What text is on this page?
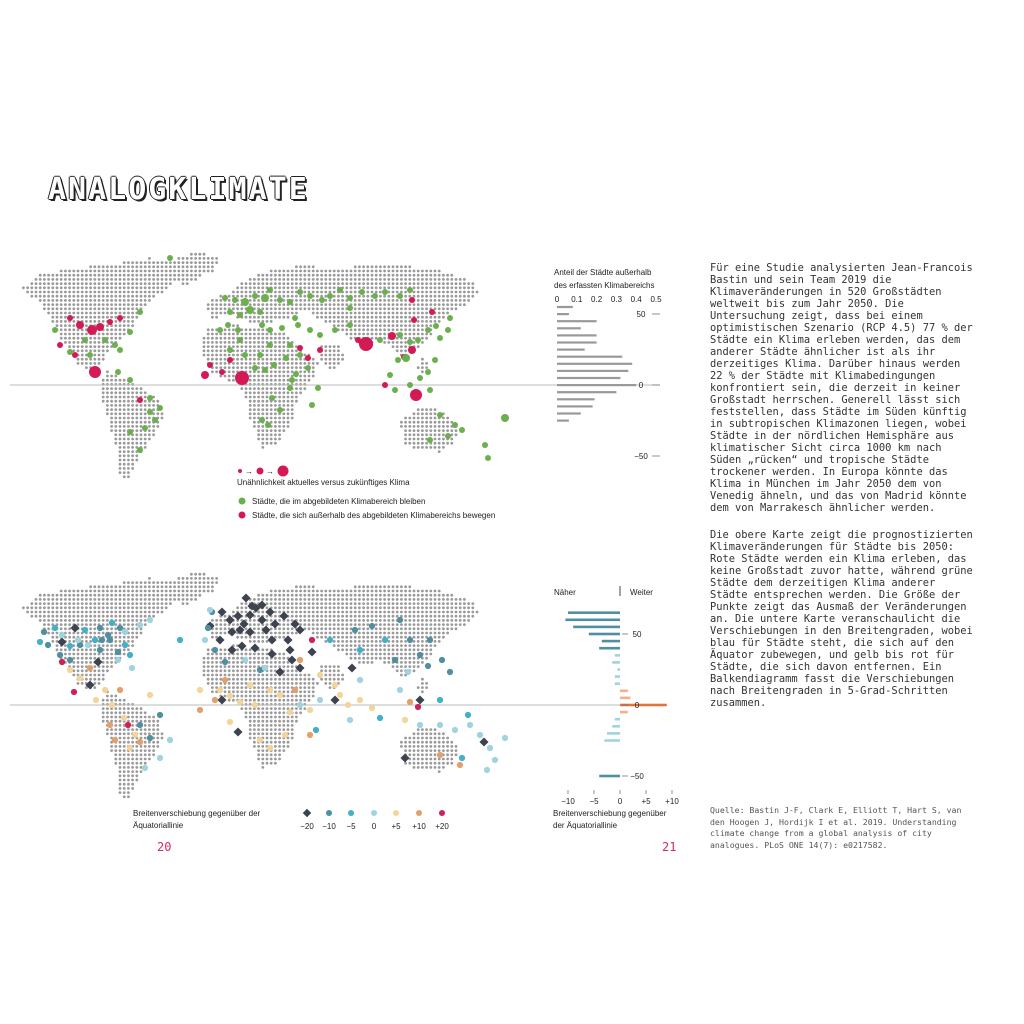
ANALOGKLIMATE
0 0.1 0.2 0.3 0.4 0.5
50
0
−50
→ →
50
0
−50
−10 −5 0 +5 +10
−20 −10 −5 0 +5 +10 +20
Unähnlichkeit aktuelles versus zukünftiges Klima
Städte, die im abgebildeten Klimabereich bleiben
Städte, die sich außerhalb des abgebildeten Klimabereichs bewegen
Breitenverschiebung gegenüber der
Äquatoriallinie
Anteil der Städte außerhalb
des erfassten Klimabereichs
Näher	Weiter
Breitenverschiebung gegenüber
der Äquatoriallinie
20	21

Für eine Studie analysierten Jean-Francois Bastin und sein Team 2019 die Klimaveränderungen in 520 Großstädten weltweit bis zum Jahr 2050. Die Untersuchung zeigt, dass bei einem optimistischen Szenario (RCP 4.5) 77 % der Städte ein Klima erleben werden, das dem anderer Städte ähnlicher ist als ihr derzeitiges Klima. Darüber hinaus werden 22 % der Städte mit Klimabedingungen konfrontiert sein, die derzeit in keiner Großstadt herrschen. Generell lässt sich feststellen, dass Städte im Süden künftig in subtropischen Klimazonen liegen, wobei Städte in der nördlichen Hemisphäre aus klimatischer Sicht circa 1000 km nach Süden „rücken“ und tropische Städte trockener werden. In Europa könnte das Klima in München im Jahr 2050 dem von Venedig ähneln, und das von Madrid könnte dem von Marrakesch ähnlicher werden.

Die obere Karte zeigt die prognostizierten Klimaveränderungen für Städte bis 2050: Rote Städte werden ein Klima erleben, das keine Großstadt zuvor hatte, während grüne Städte dem derzeitigen Klima anderer Städte entsprechen werden. Die Größe der Punkte zeigt das Ausmaß der Veränderungen an. Die untere Karte veranschaulicht die Verschiebungen in den Breitengraden, wobei blau für Städte steht, die sich auf den Äquator zubewegen, und gelb bis rot für Städte, die sich davon entfernen. Ein Balkendiagramm fasst die Verschiebungen nach Breitengraden in 5-Grad-Schritten zusammen.

Quelle: Bastin J-F, Clark E, Elliott T, Hart S, van den Hoogen J, Hordijk I et al. 2019. Understanding climate change from a global analysis of city analogues. PLoS ONE 14(7): e0217582.
